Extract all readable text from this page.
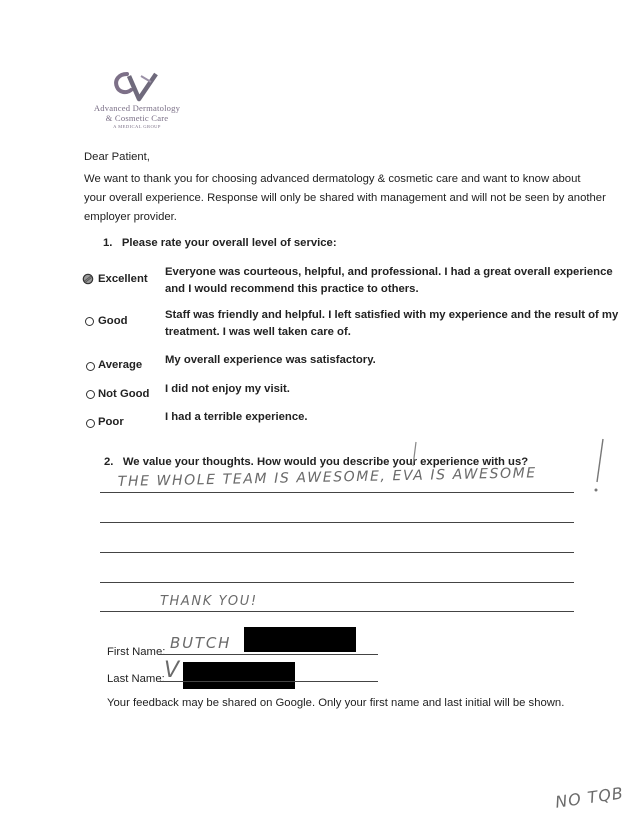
Advanced Dermatology
& Cosmetic Care
A MEDICAL GROUP
Dear Patient,
We want to thank you for choosing advanced dermatology & cosmetic care and want to know about
your overall experience. Response will only be shared with management and will not be seen by another
employer provider.
1.   Please rate your overall level of service:
Excellent
Everyone was courteous, helpful, and professional. I had a great overall experience
and I would recommend this practice to others.
Good	Staff was friendly and helpful. I left satisfied with my experience and the result of my
treatment. I was well taken care of.
Average My overall experience was satisfactory.
Not Good I did not enjoy my visit.
Poor	I had a terrible experience.
2.   We value your thoughts. How would you describe your experience with us?
THE WHOLE TEAM IS AWESOME, EVA IS AWESOME
THANK YOU!
First Name: BUTCH
Last Name: V
Your feedback may be shared on Google. Only your first name and last initial will be shown.
NO TQB
